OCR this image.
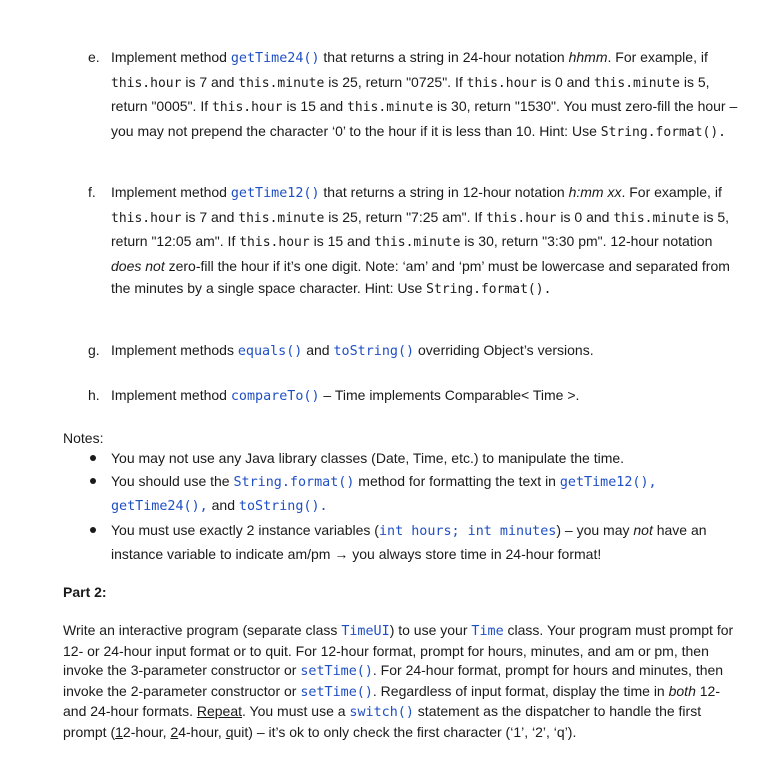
e. Implement method getTime24() that returns a string in 24-hour notation hhmm. For example, if this.hour is 7 and this.minute is 25, return "0725". If this.hour is 0 and this.minute is 5, return "0005". If this.hour is 15 and this.minute is 30, return "1530". You must zero-fill the hour – you may not prepend the character ‘0’ to the hour if it is less than 10. Hint: Use String.format().
f.	Implement method getTime12() that returns a string in 12-hour notation h:mm xx. For example, if this.hour is 7 and this.minute is 25, return "7:25 am". If this.hour is 0 and this.minute is 5, return "12:05 am". If this.hour is 15 and this.minute is 30, return "3:30 pm". 12-hour notation does not zero-fill the hour if it’s one digit. Note: ‘am’ and ‘pm’ must be lowercase and separated from the minutes by a single space character. Hint: Use String.format().
g. Implement methods equals() and toString() overriding Object’s versions.
h. Implement method compareTo() – Time implements Comparable< Time >.
Notes:
You may not use any Java library classes (Date, Time, etc.) to manipulate the time.
You should use the String.format() method for formatting the text in getTime12(), getTime24(), and toString().
You must use exactly 2 instance variables (int hours; int minutes) – you may not have an instance variable to indicate am/pm → you always store time in 24-hour format!
Part 2:
Write an interactive program (separate class TimeUI) to use your Time class. Your program must prompt for 12- or 24-hour input format or to quit. For 12-hour format, prompt for hours, minutes, and am or pm, then invoke the 3-parameter constructor or setTime(). For 24-hour format, prompt for hours and minutes, then invoke the 2-parameter constructor or setTime(). Regardless of input format, display the time in both 12- and 24-hour formats. Repeat. You must use a switch() statement as the dispatcher to handle the first prompt (12-hour, 24-hour, quit) – it’s ok to only check the first character (‘1’, ‘2’, ‘q’).
